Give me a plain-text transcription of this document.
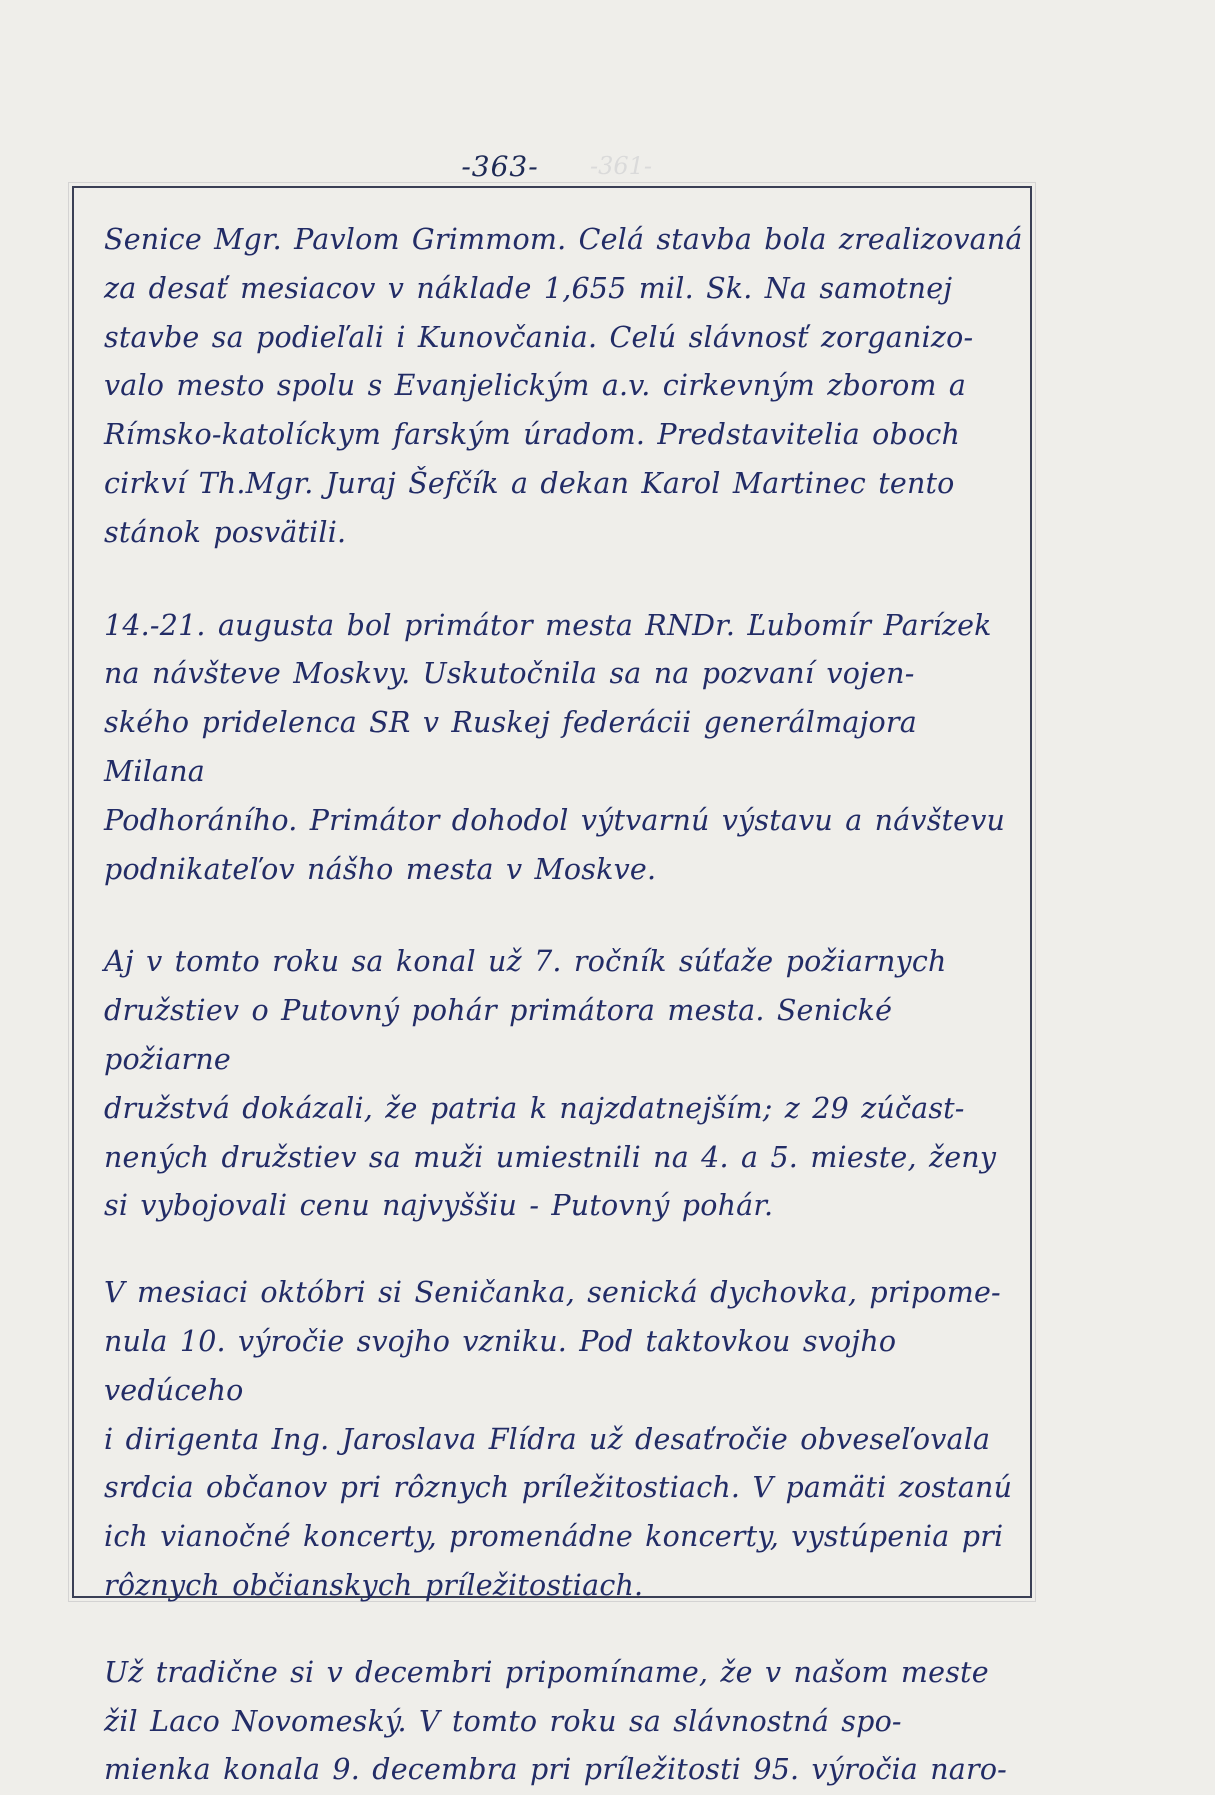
-361-
-363-

Senice Mgr. Pavlom Grimmom. Celá stavba bola zrealizovaná
za desať mesiacov v náklade 1,655 mil. Sk. Na samotnej
stavbe sa podieľali i Kunovčania. Celú slávnosť zorganizo-
valo mesto spolu s Evanjelickým a.v. cirkevným zborom a
Rímsko-katolíckym farským úradom. Predstavitelia oboch
cirkví Th.Mgr. Juraj Šefčík a dekan Karol Martinec tento
stánok posvätili.

14.-21. augusta bol primátor mesta RNDr. Ľubomír Parízek
na návšteve Moskvy. Uskutočnila sa na pozvaní vojen-
ského pridelenca SR v Ruskej federácii generálmajora Milana
Podhoráního. Primátor dohodol výtvarnú výstavu a návštevu
podnikateľov nášho mesta v Moskve.

Aj v tomto roku sa konal už 7. ročník súťaže požiarnych
družstiev o Putovný pohár primátora mesta. Senické požiarne
družstvá dokázali, že patria k najzdatnejším; z 29 zúčast-
nených družstiev sa muži umiestnili na 4. a 5. mieste, ženy
si vybojovali cenu najvyššiu - Putovný pohár.

V mesiaci októbri si Seničanka, senická dychovka, pripome-
nula 10. výročie svojho vzniku. Pod taktovkou svojho vedúceho
i dirigenta Ing. Jaroslava Flídra už desaťročie obveseľovala
srdcia občanov pri rôznych príležitostiach. V pamäti zostanú
ich vianočné koncerty, promenádne koncerty, vystúpenia pri
rôznych občianskych príležitostiach.

Už tradične si v decembri pripomíname, že v našom meste
žil Laco Novomeský. V tomto roku sa slávnostná spo-
mienka konala 9. decembra pri príležitosti 95. výročia naro-
